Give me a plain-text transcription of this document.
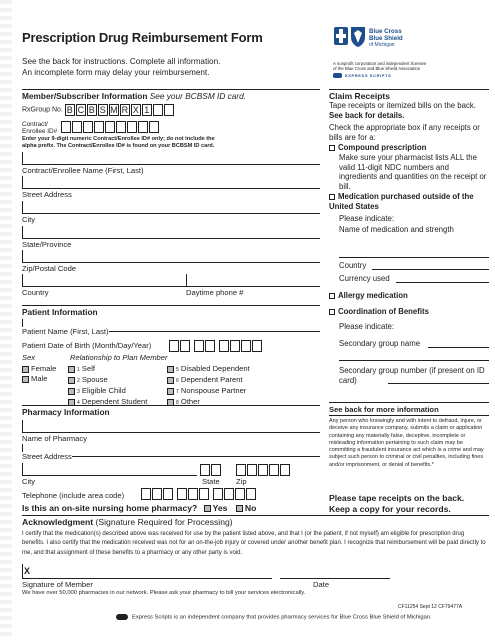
Prescription Drug Reimbursement Form
See the back for instructions. Complete all information.
An incomplete form may delay your reimbursement.
Blue Cross
Blue Shield
of Michigan
A nonprofit corporation and independent licensee
of the Blue Cross and Blue Shield Association
EXPRESS SCRIPTS
Member/Subscriber Information See your BCBSM ID card.
RxGroup No. B C B S M R X 1
Contract/
Enrollee ID#
Enter your 9-digit numeric Contract/Enrollee ID# only; do not include the
alpha prefix. The Contract/Enrollee ID# is found on your BCBSM ID card.
Contract/Enrollee Name (First, Last)
Street Address
City
State/Province
Zip/Postal Code
Country	Daytime phone #
Patient Information
Patient Name (First, Last)
Patient Date of Birth (Month/Day/Year)
Sex	Relationship to Plan Member
Female
Male
1 Self
2 Spouse
3 Eligible Child
4 Dependent Student
5 Disabled Dependent
6 Dependent Parent
7 Nonspouse Partner
8 Other
Pharmacy Information
Name of Pharmacy
Street Address
City	State Zip
Telephone (include area code)
Is this an on-site nursing home pharmacy? Yes No
Claim Receipts
Tape receipts or itemized bills on the back.
See back for details.
Check the appropriate box if any receipts or bills are for a:
Compound prescription
Make sure your pharmacist lists ALL the valid 11-digit NDC numbers and ingredients and quantities on the receipt or bill.
Medication purchased outside of the United States
Please indicate:
Name of medication and strength
Country
Currency used
Allergy medication
Coordination of Benefits
Please indicate:
Secondary group name
Secondary group number (if present on ID card)
See back for more information
Any person who knowingly and with intent to defraud, injure, or deceive any insurance company, submits a claim or application containing any materially false, deceptive, incomplete or misleading information pertaining to such claim may be committing a fraudulent insurance act which is a crime and may subject such person to criminal or civil penalties, including fines and/or imprisonment, or denial of benefits.*
Please tape receipts on the back.
Keep a copy for your records.
Acknowledgment (Signature Required for Processing)
I certify that the medication(s) described above was received for use by the patient listed above, and that I (or the patient, if not myself) am eligible for prescription drug benefits. I also certify that the medication received was not for an on-the-job injury or covered under another benefit plan. I recognize that reimbursement will be paid directly to me, and that assignment of these benefits to a pharmacy or any other party is void.
X
Signature of Member	Date
We have over 50,000 pharmacies in our network. Please ask your pharmacy to bill your services electronically.
CF11254 Sept 12 CF79477A
Express Scripts is an independent company that provides pharmacy services for Blue Cross Blue Shield of Michigan.
